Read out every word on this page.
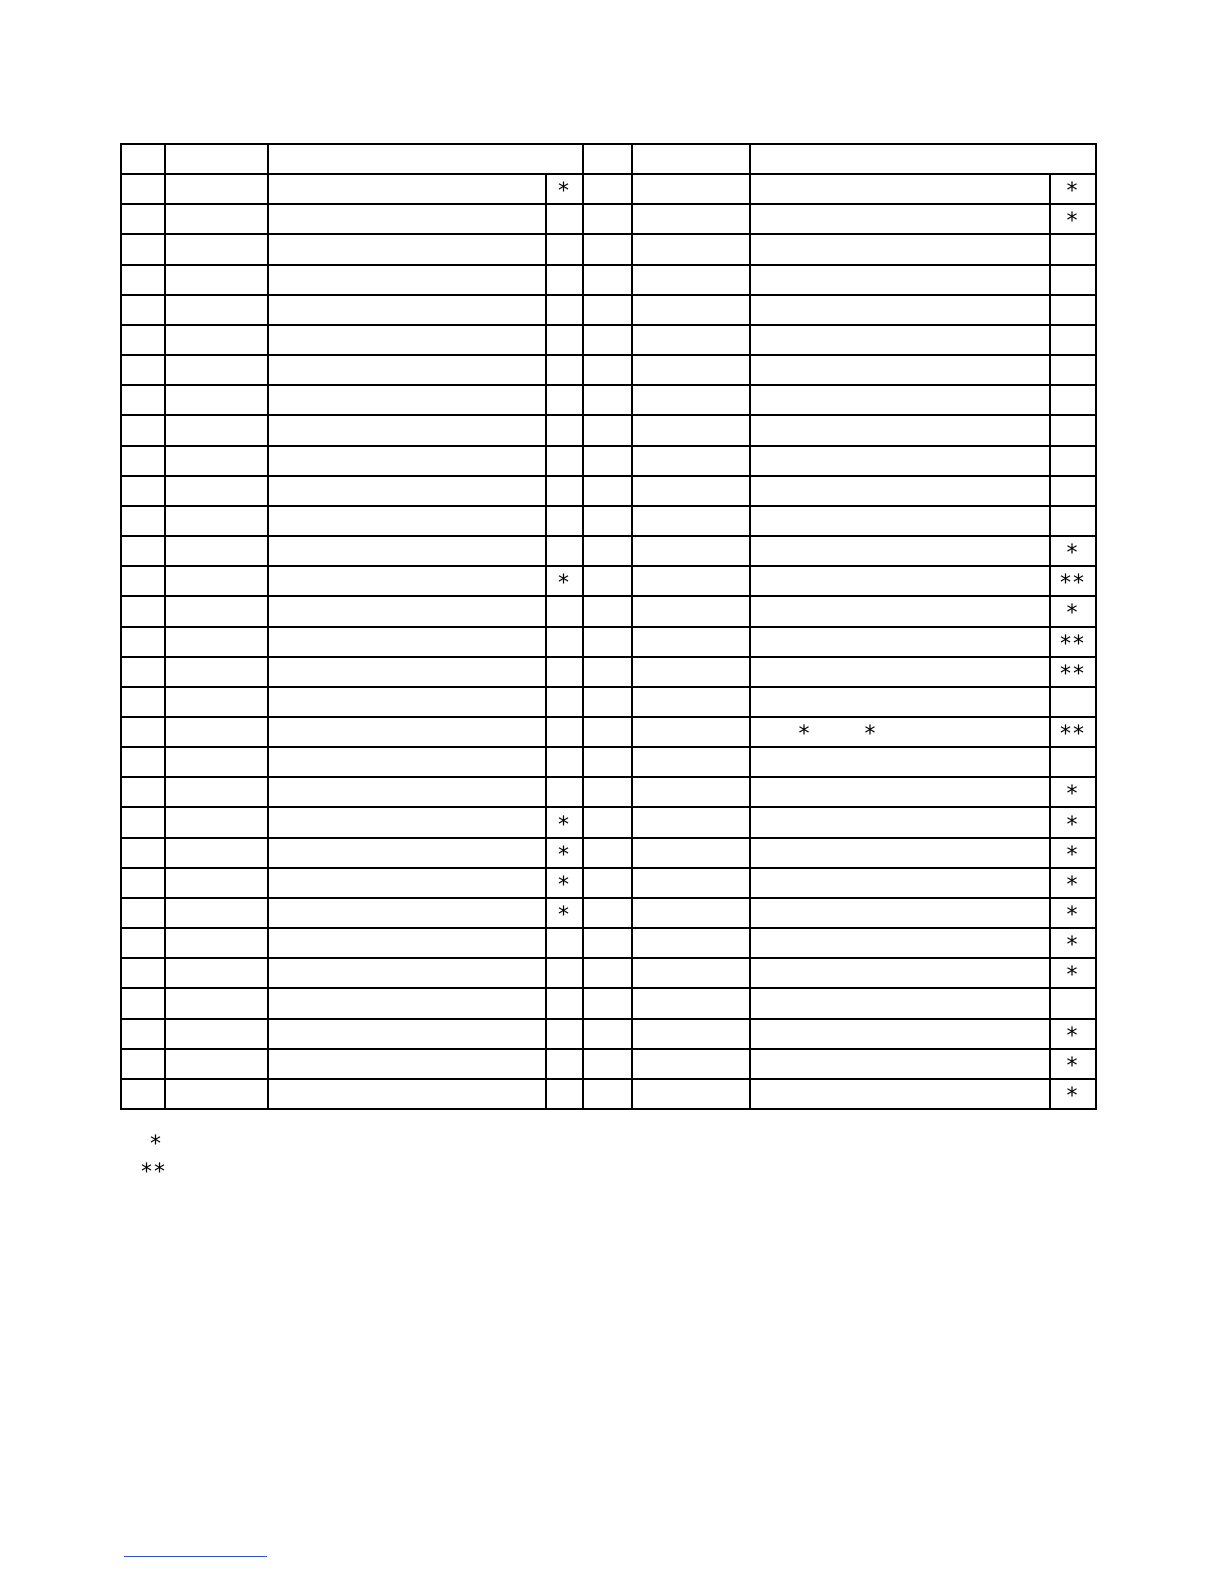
*
*
*
*
*
*
*
*
*
**
*
**
**
**
*
*
*
*
*
*
*
*
*
*
* *
*
**
